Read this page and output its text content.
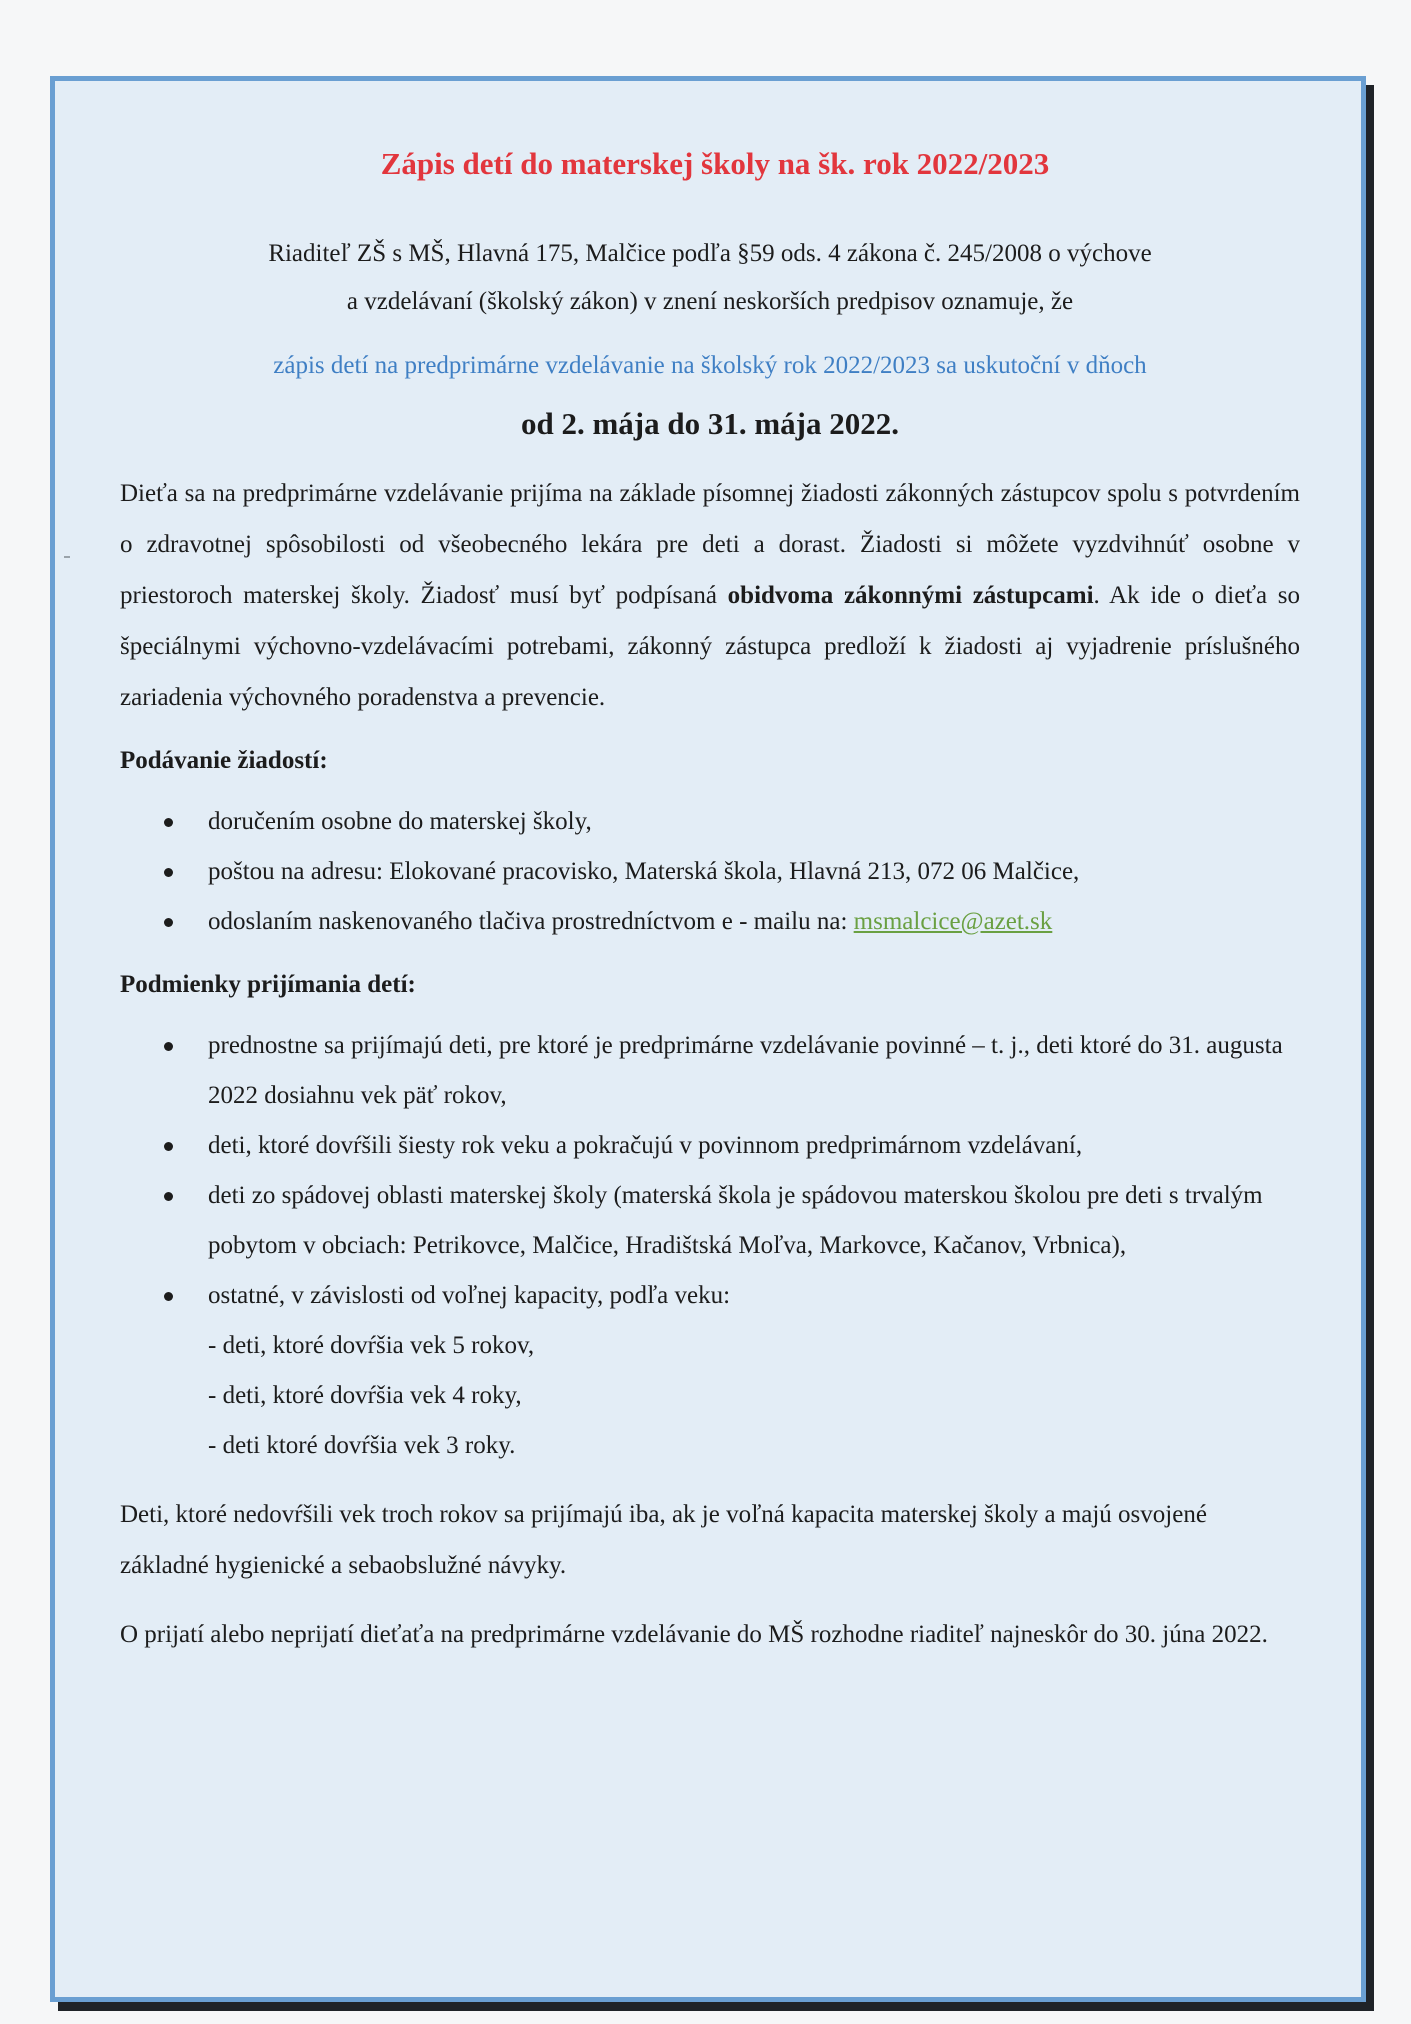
Zápis detí do materskej školy na šk. rok 2022/2023
Riaditeľ ZŠ s MŠ, Hlavná 175, Malčice podľa §59 ods. 4 zákona č. 245/2008 o výchove
a vzdelávaní (školský zákon) v znení neskorších predpisov oznamuje, že
zápis detí na predprimárne vzdelávanie na školský rok 2022/2023 sa uskutoční v dňoch
od 2. mája do 31. mája 2022.

Dieťa sa na predprimárne vzdelávanie prijíma na základe písomnej žiadosti zákonných zástupcov spolu s potvrdením o zdravotnej spôsobilosti od všeobecného lekára pre deti a dorast. Žiadosti si môžete vyzdvihnúť osobne v priestoroch materskej školy. Žiadosť musí byť podpísaná obidvoma zákonnými zástupcami. Ak ide o dieťa so špeciálnymi výchovno-vzdelávacími potrebami, zákonný zástupca predloží k žiadosti aj vyjadrenie príslušného zariadenia výchovného poradenstva a prevencie.

Podávanie žiadostí:
doručením osobne do materskej školy,
poštou na adresu: Elokované pracovisko, Materská škola, Hlavná 213, 072 06 Malčice,
odoslaním naskenovaného tlačiva prostredníctvom e - mailu na: msmalcice@azet.sk
Podmienky prijímania detí:
prednostne sa prijímajú deti, pre ktoré je predprimárne vzdelávanie povinné – t. j., deti ktoré do 31. augusta 2022 dosiahnu vek päť rokov,
deti, ktoré dovŕšili šiesty rok veku a pokračujú v povinnom predprimárnom vzdelávaní,
deti zo spádovej oblasti materskej školy (materská škola je spádovou materskou školou pre deti s trvalým pobytom v obciach: Petrikovce, Malčice, Hradištská Moľva, Markovce, Kačanov, Vrbnica),
ostatné, v závislosti od voľnej kapacity, podľa veku:
- deti, ktoré dovŕšia vek 5 rokov,
- deti, ktoré dovŕšia vek 4 roky,
- deti ktoré dovŕšia vek 3 roky.

Deti, ktoré nedovŕšili vek troch rokov sa prijímajú iba, ak je voľná kapacita materskej školy a majú osvojené základné hygienické a sebaobslužné návyky.

O prijatí alebo neprijatí dieťaťa na predprimárne vzdelávanie do MŠ rozhodne riaditeľ najneskôr do 30. júna 2022.
